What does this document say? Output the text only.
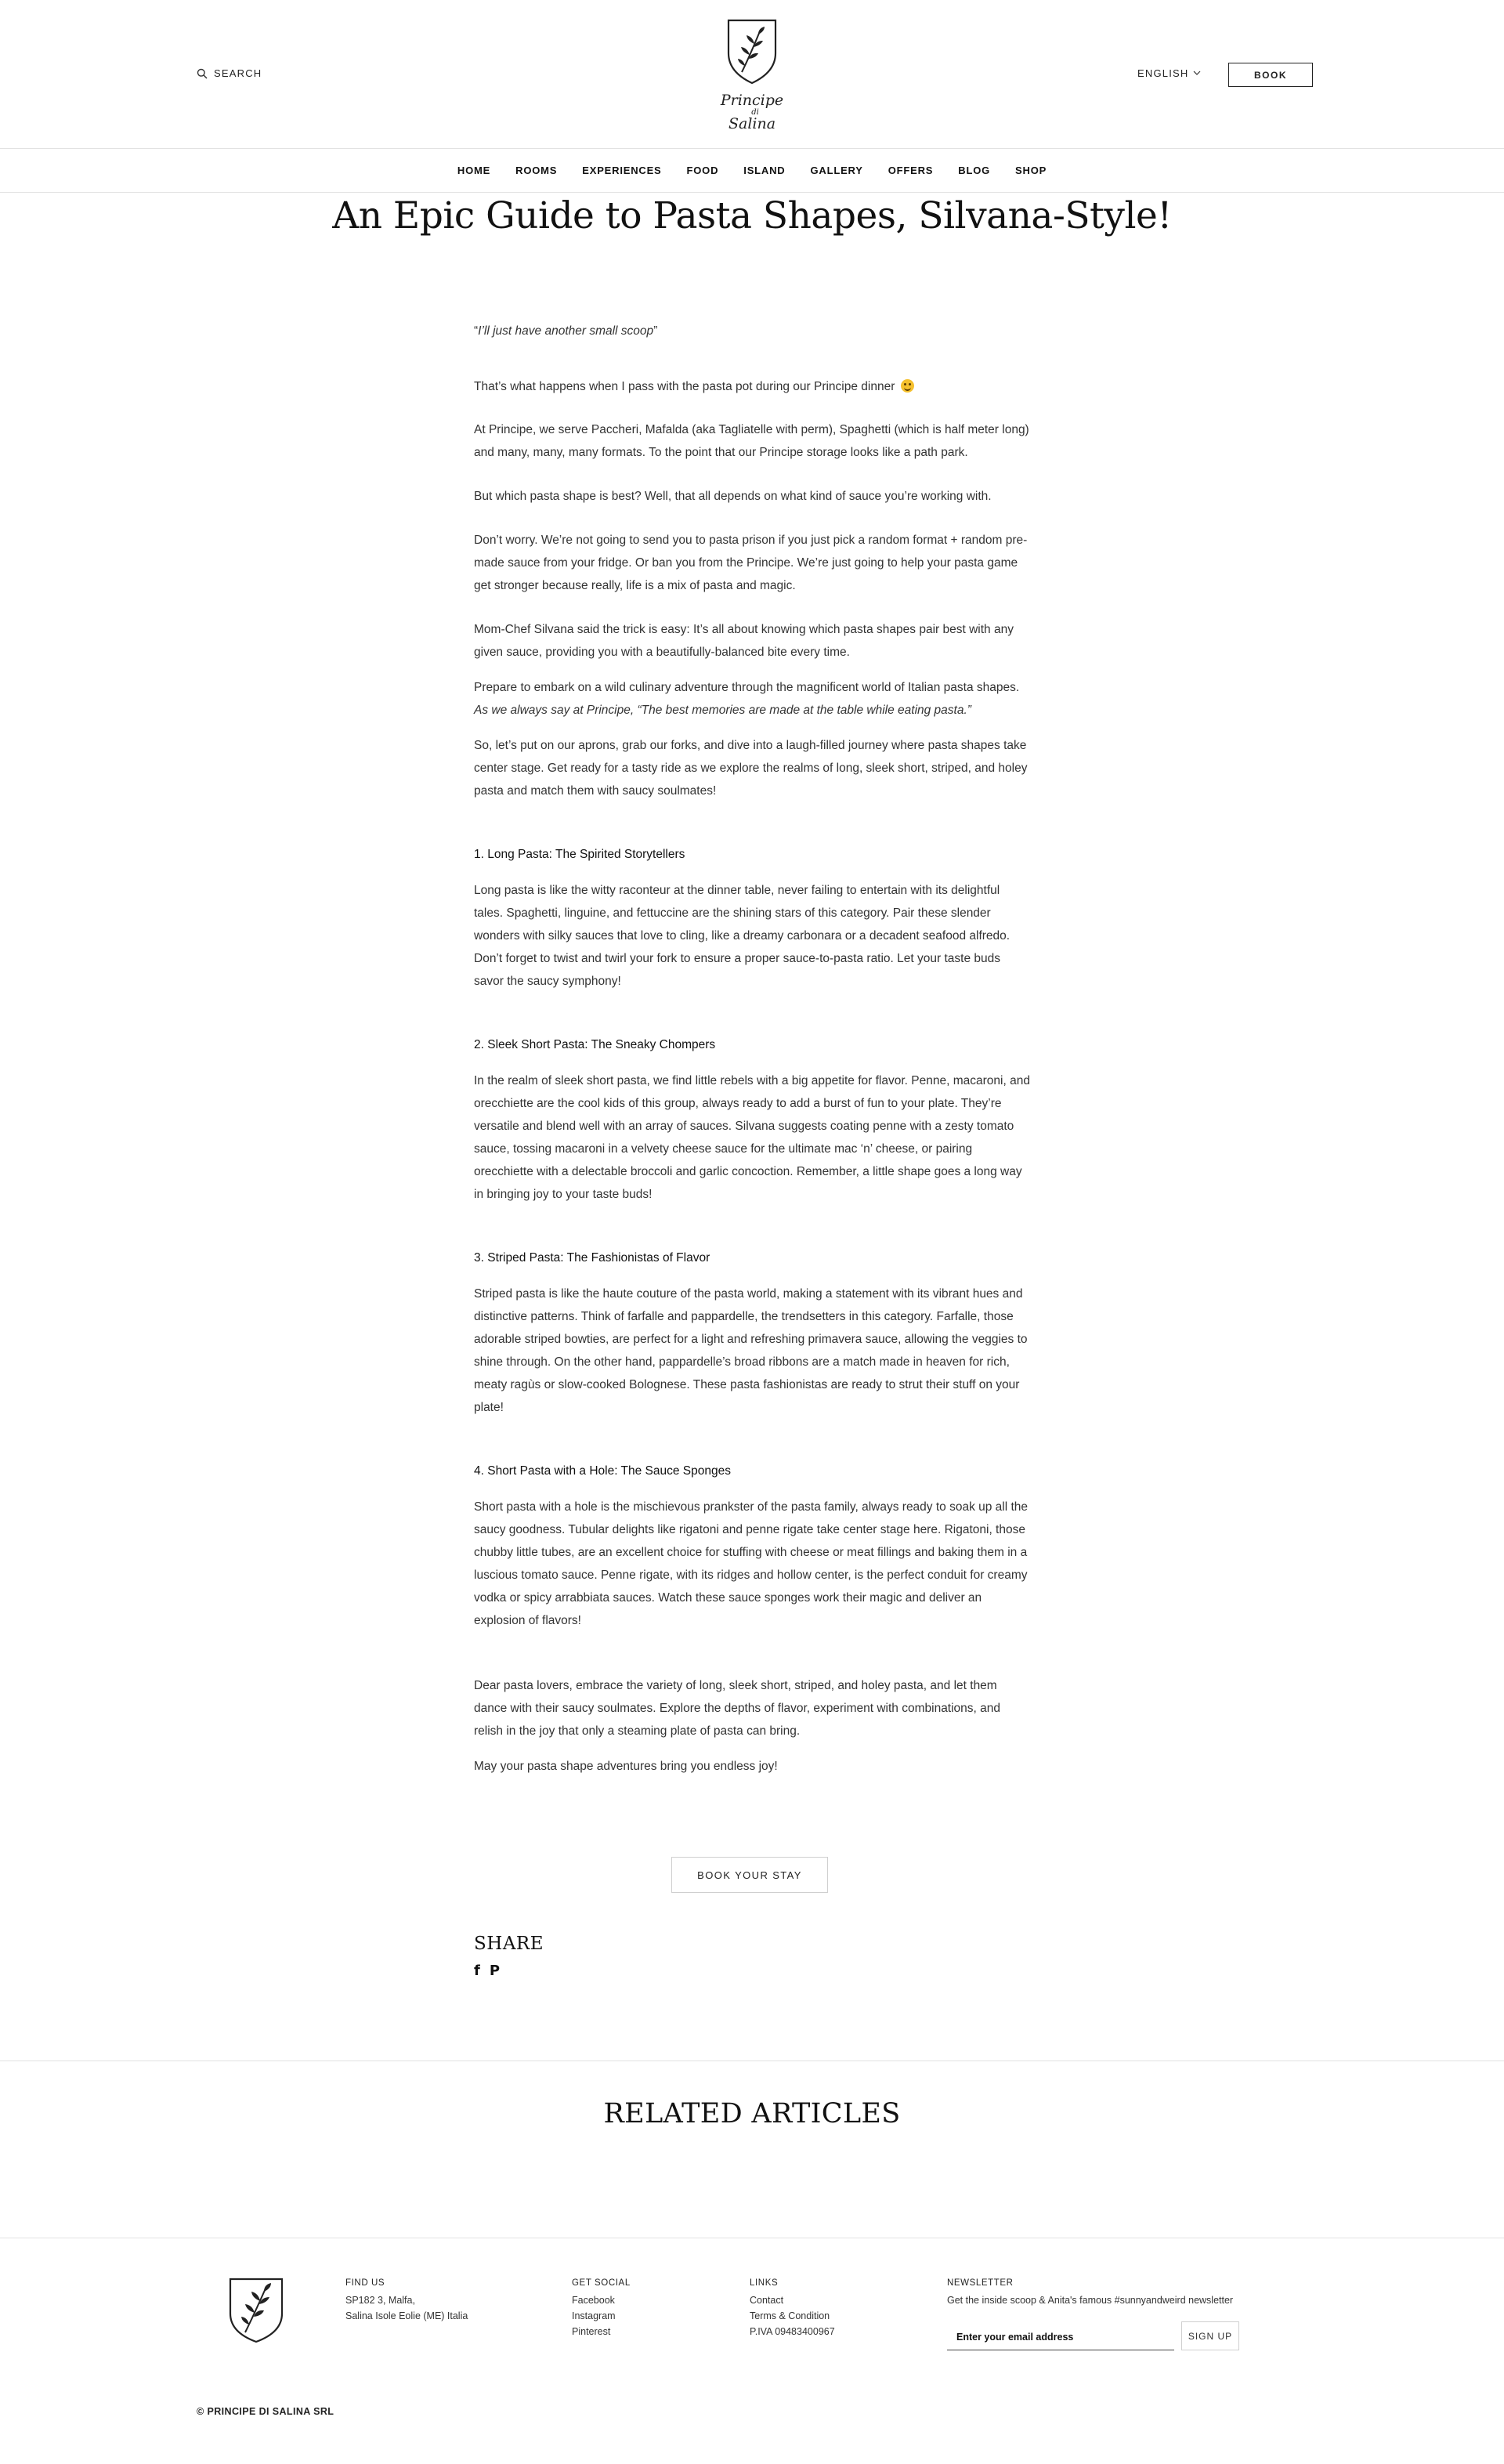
SEARCH
Principe
di
Salina
ENGLISH	BOOK
HOME ROOMS EXPERIENCES FOOD ISLAND GALLERY OFFERS BLOG SHOP
An Epic Guide to Pasta Shapes, Silvana-Style!

“I’ll just have another small scoop”

That’s what happens when I pass with the pasta pot during our Principe dinner

At Principe, we serve Paccheri, Mafalda (aka Tagliatelle with perm), Spaghetti (which is half meter long) and many, many, many formats. To the point that our Principe storage looks like a path park.

But which pasta shape is best? Well, that all depends on what kind of sauce you’re working with.

Don’t worry. We’re not going to send you to pasta prison if you just pick a random format + random pre-made sauce from your fridge. Or ban you from the Principe. We’re just going to help your pasta game get stronger because really, life is a mix of pasta and magic.

Mom-Chef Silvana said the trick is easy: It’s all about knowing which pasta shapes pair best with any given sauce, providing you with a beautifully-balanced bite every time.

Prepare to embark on a wild culinary adventure through the magnificent world of Italian pasta shapes. As we always say at Principe, “The best memories are made at the table while eating pasta.”

So, let’s put on our aprons, grab our forks, and dive into a laugh-filled journey where pasta shapes take center stage. Get ready for a tasty ride as we explore the realms of long, sleek short, striped, and holey pasta and match them with saucy soulmates!

1. Long Pasta: The Spirited Storytellers

Long pasta is like the witty raconteur at the dinner table, never failing to entertain with its delightful tales. Spaghetti, linguine, and fettuccine are the shining stars of this category. Pair these slender wonders with silky sauces that love to cling, like a dreamy carbonara or a decadent seafood alfredo. Don’t forget to twist and twirl your fork to ensure a proper sauce-to-pasta ratio. Let your taste buds savor the saucy symphony!

2. Sleek Short Pasta: The Sneaky Chompers

In the realm of sleek short pasta, we find little rebels with a big appetite for flavor. Penne, macaroni, and orecchiette are the cool kids of this group, always ready to add a burst of fun to your plate. They’re versatile and blend well with an array of sauces. Silvana suggests coating penne with a zesty tomato sauce, tossing macaroni in a velvety cheese sauce for the ultimate mac ‘n’ cheese, or pairing orecchiette with a delectable broccoli and garlic concoction. Remember, a little shape goes a long way in bringing joy to your taste buds!

3. Striped Pasta: The Fashionistas of Flavor

Striped pasta is like the haute couture of the pasta world, making a statement with its vibrant hues and distinctive patterns. Think of farfalle and pappardelle, the trendsetters in this category. Farfalle, those adorable striped bowties, are perfect for a light and refreshing primavera sauce, allowing the veggies to shine through. On the other hand, pappardelle’s broad ribbons are a match made in heaven for rich, meaty ragùs or slow-cooked Bolognese. These pasta fashionistas are ready to strut their stuff on your plate!

4. Short Pasta with a Hole: The Sauce Sponges

Short pasta with a hole is the mischievous prankster of the pasta family, always ready to soak up all the saucy goodness. Tubular delights like rigatoni and penne rigate take center stage here. Rigatoni, those chubby little tubes, are an excellent choice for stuffing with cheese or meat fillings and baking them in a luscious tomato sauce. Penne rigate, with its ridges and hollow center, is the perfect conduit for creamy vodka or spicy arrabbiata sauces. Watch these sauce sponges work their magic and deliver an explosion of flavors!

Dear pasta lovers, embrace the variety of long, sleek short, striped, and holey pasta, and let them dance with their saucy soulmates. Explore the depths of flavor, experiment with combinations, and relish in the joy that only a steaming plate of pasta can bring.

May your pasta shape adventures bring you endless joy!

BOOK YOUR STAY
SHARE
f P
RELATED ARTICLES
FIND US
SP182 3, Malfa,
Salina Isole Eolie (ME) Italia
GET SOCIAL
Facebook
Instagram
Pinterest
LINKS
Contact
Terms & Condition
P.IVA 09483400967
NEWSLETTER
Get the inside scoop & Anita's famous #sunnyandweird newsletter
Enter your email address
SIGN UP
© PRINCIPE DI SALINA SRL
